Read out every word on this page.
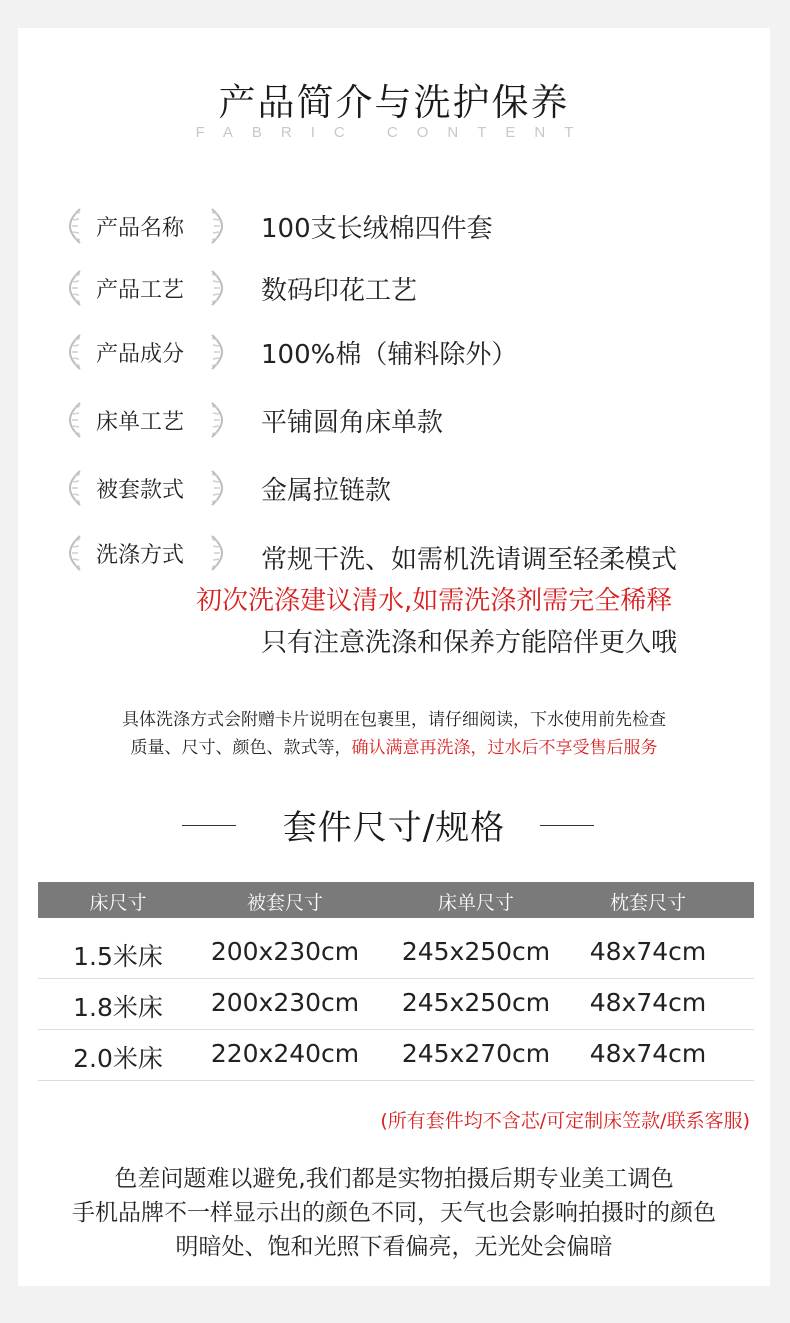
产品简介与洗护保养
FABRIC CONTENT
产品名称	100支长绒棉四件套
产品工艺	数码印花工艺
产品成分	100%棉（辅料除外）
床单工艺	平铺圆角床单款
被套款式	金属拉链款
洗涤方式	常规干洗、如需机洗请调至轻柔模式
初次洗涤建议清水,如需洗涤剂需完全稀释
只有注意洗涤和保养方能陪伴更久哦
具体洗涤方式会附赠卡片说明在包裹里，请仔细阅读，下水使用前先检查
质量、尺寸、颜色、款式等，确认满意再洗涤，过水后不享受售后服务
套件尺寸/规格
床尺寸	被套尺寸	床单尺寸	枕套尺寸
1.5米床	200x230cm	245x250cm	48x74cm
1.8米床	200x230cm	245x250cm	48x74cm
2.0米床	220x240cm	245x270cm	48x74cm
(所有套件均不含芯/可定制床笠款/联系客服)
色差问题难以避免,我们都是实物拍摄后期专业美工调色
手机品牌不一样显示出的颜色不同，天气也会影响拍摄时的颜色
明暗处、饱和光照下看偏亮，无光处会偏暗
